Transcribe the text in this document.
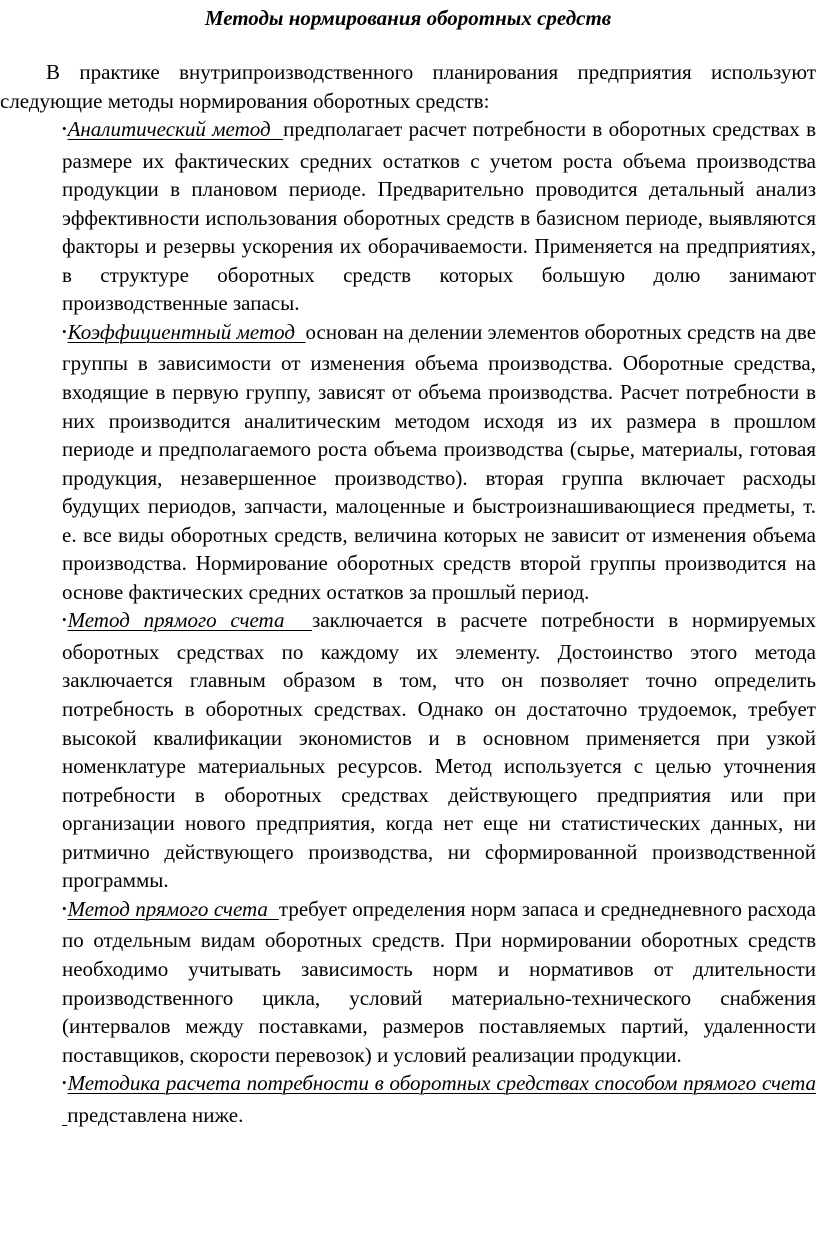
Методы нормирования оборотных средств

В практике внутрипроизводственного планирования предприятия используют следующие методы нормирования оборотных средств:

•Аналитический метод предполагает расчет потребности в оборотных средствах в размере их фактических средних остатков с учетом роста объема производства продукции в плановом периоде. Предварительно проводится детальный анализ эффективности использования оборотных средств в базисном периоде, выявляются факторы и резервы ускорения их оборачиваемости. Применяется на предприятиях, в структуре оборотных средств которых большую долю занимают производственные запасы.

•Коэффициентный метод основан на делении элементов оборотных средств на две группы в зависимости от изменения объема производства. Оборотные средства, входящие в первую группу, зависят от объема производства. Расчет потребности в них производится аналитическим методом исходя из их размера в прошлом периоде и предполагаемого роста объема производства (сырье, материалы, готовая продукция, незавершенное производство). вторая группа включает расходы будущих периодов, запчасти, малоценные и быстроизнашивающиеся предметы, т. е. все виды оборотных средств, величина которых не зависит от изменения объема производства. Нормирование оборотных средств второй группы производится на основе фактических средних остатков за прошлый период.

•Метод прямого счета заключается в расчете потребности в нормируемых оборотных средствах по каждому их элементу. Достоинство этого метода заключается главным образом в том, что он позволяет точно определить потребность в оборотных средствах. Однако он достаточно трудоемок, требует высокой квалификации экономистов и в основном применяется при узкой номенклатуре материальных ресурсов. Метод используется с целью уточнения потребности в оборотных средствах действующего предприятия или при организации нового предприятия, когда нет еще ни статистических данных, ни ритмично действующего производства, ни сформированной производственной программы.

•Метод прямого счета требует определения норм запаса и среднедневного расхода по отдельным видам оборотных средств. При нормировании оборотных средств необходимо учитывать зависимость норм и нормативов от длительности производственного цикла, условий материально-технического снабжения (интервалов между поставками, размеров поставляемых партий, удаленности поставщиков, скорости перевозок) и условий реализации продукции.

•Методика расчета потребности в оборотных средствах способом прямого счета представлена ниже.
